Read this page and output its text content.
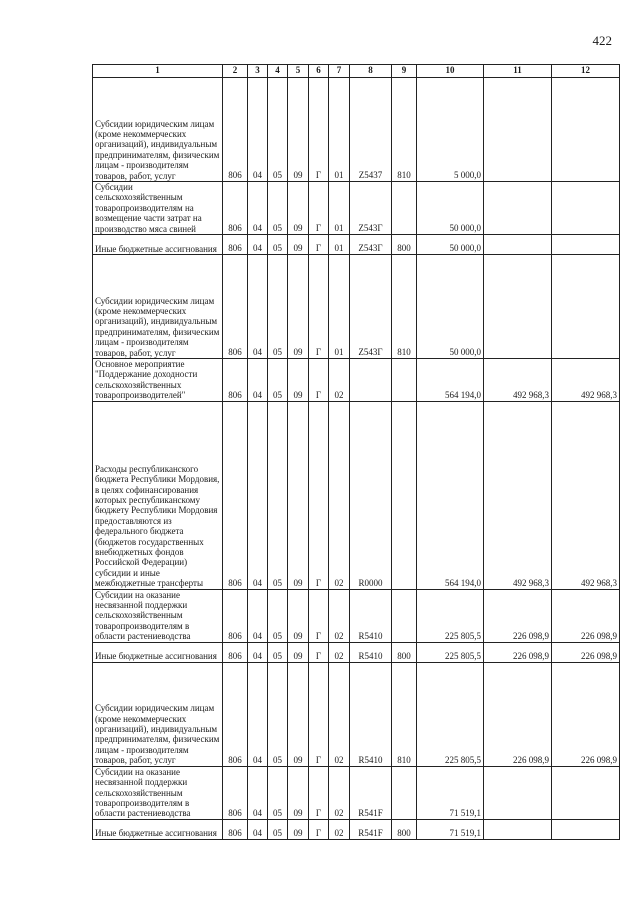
422
1	2	3	4	5	6	7	8	9	10	11	12

Субсидии юридическим лицам (кроме некоммерческих организаций), индивидуальным предпринимателям, физическим лицам - производителям товаров, работ, услуг	806	04	05	09	Г	01	Z5437	810	5 000,0		

Субсидии сельскохозяйственным товаропроизводителям на возмещение части затрат на производство мяса свиней	806	04	05	09	Г	01	Z543Г		50 000,0		

Иные бюджетные ассигнования	806	04	05	09	Г	01	Z543Г	800	50 000,0		

Субсидии юридическим лицам (кроме некоммерческих организаций), индивидуальным предпринимателям, физическим лицам - производителям товаров, работ, услуг	806	04	05	09	Г	01	Z543Г	810	50 000,0		

Основное мероприятие "Поддержание доходности сельскохозяйственных товаропроизводителей"	806	04	05	09	Г	02			564 194,0	492 968,3	492 968,3

Расходы республиканского бюджета Республики Мордовия, в целях софинансирования которых республиканскому бюджету Республики Мордовия предоставляются из федерального бюджета (бюджетов государственных внебюджетных фондов Российской Федерации) субсидии и иные межбюджетные трансферты	806	04	05	09	Г	02	R0000		564 194,0	492 968,3	492 968,3

Субсидии на оказание несвязанной поддержки сельскохозяйственным товаропроизводителям в области растениеводства	806	04	05	09	Г	02	R5410		225 805,5	226 098,9	226 098,9

Иные бюджетные ассигнования	806	04	05	09	Г	02	R5410	800	225 805,5	226 098,9	226 098,9

Субсидии юридическим лицам (кроме некоммерческих организаций), индивидуальным предпринимателям, физическим лицам - производителям товаров, работ, услуг	806	04	05	09	Г	02	R5410	810	225 805,5	226 098,9	226 098,9

Субсидии на оказание несвязанной поддержки сельскохозяйственным товаропроизводителям в области растениеводства	806	04	05	09	Г	02	R541F		71 519,1		

Иные бюджетные ассигнования	806	04	05	09	Г	02	R541F	800	71 519,1		
